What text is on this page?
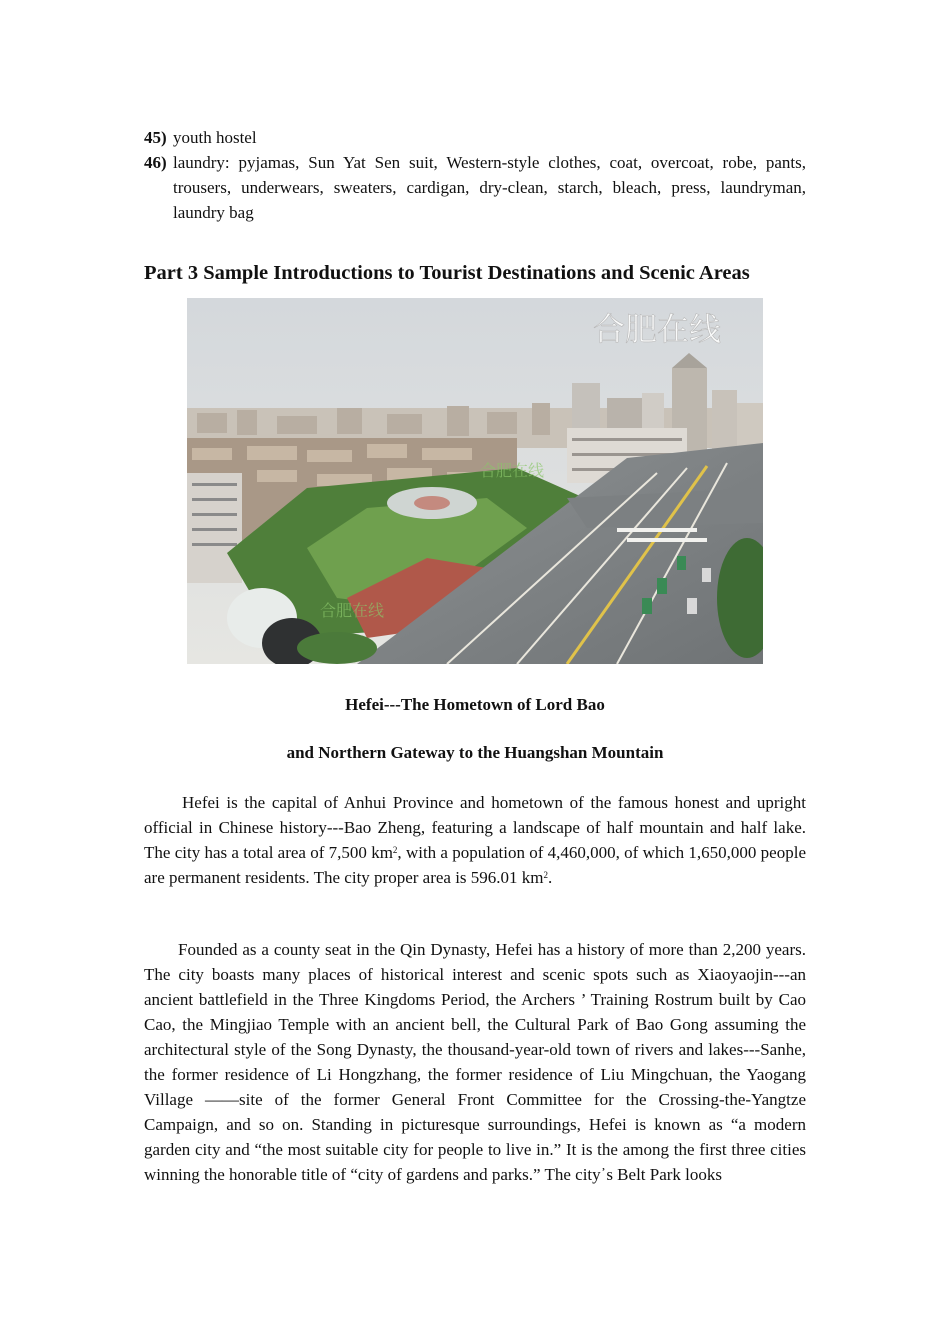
45) youth hostel
46) laundry: pyjamas, Sun Yat Sen suit, Western-style clothes, coat, overcoat, robe, pants, trousers, underwears, sweaters, cardigan, dry-clean, starch, bleach, press, laundryman, laundry bag
Part 3 Sample Introductions to Tourist Destinations and Scenic Areas
合肥在线
合肥在线
合肥在线
Hefei---The Hometown of Lord Bao
and Northern Gateway to the Huangshan Mountain

Hefei is the capital of Anhui Province and hometown of the famous honest and upright official in Chinese history---Bao Zheng, featuring a landscape of half mountain and half lake. The city has a total area of 7,500 $km^2$, with a population of 4,460,000, of which 1,650,000 people are permanent residents. The city proper area is 596.01 $km^2$.

Founded as a county seat in the Qin Dynasty, Hefei has a history of more than 2,200 years. The city boasts many places of historical interest and scenic spots such as Xiaoyaojin---an ancient battlefield in the Three Kingdoms Period, the Archers ’ Training Rostrum built by Cao Cao, the Mingjiao Temple with an ancient bell, the Cultural Park of Bao Gong assuming the architectural style of the Song Dynasty, the thousand-year-old town of rivers and lakes---Sanhe, the former residence of Li Hongzhang, the former residence of Liu Mingchuan, the Yaogang Village ——site of the former General Front Committee for the Crossing-the-Yangtze Campaign, and so on. Standing in picturesque surroundings, Hefei is known as “a modern garden city and “the most suitable city for people to live in.” It is the among the first three cities winning the honorable title of “city of gardens and parks.” The city᾿s Belt Park looks
